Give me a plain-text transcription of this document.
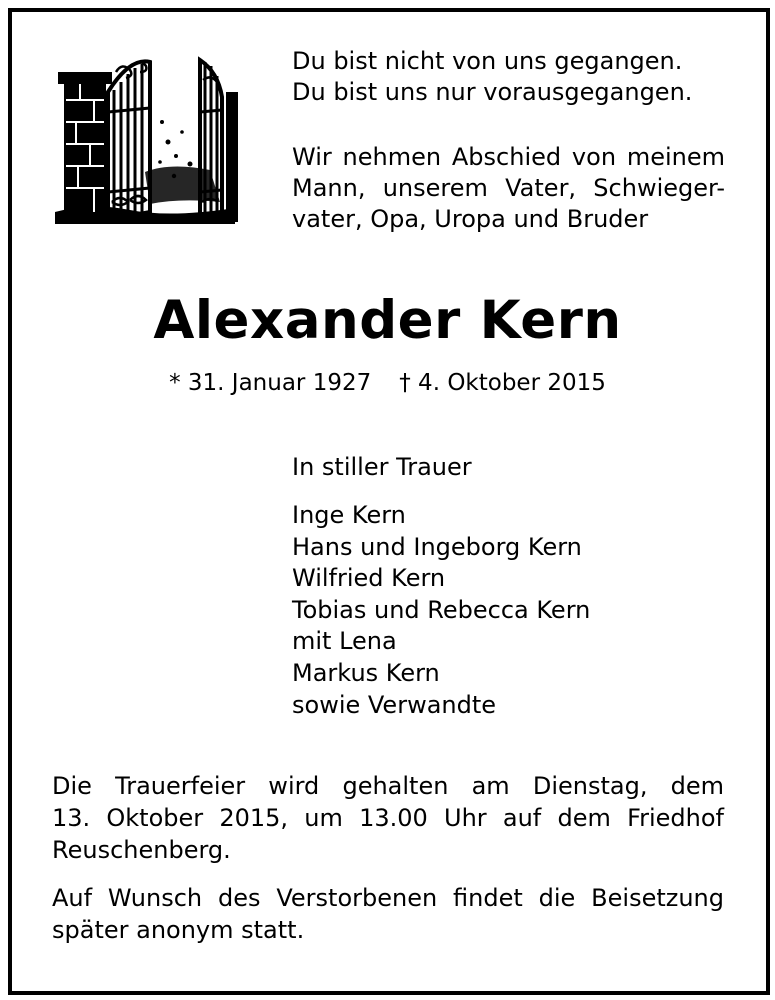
Du bist nicht von uns gegangen.
Du bist uns nur vorausgegangen.
Wir nehmen Abschied von meinem
Mann, unserem Vater, Schwieger-
vater, Opa, Uropa und Bruder
Alexander Kern
* 31. Januar 1927 † 4. Oktober 2015
In stiller Trauer
Inge Kern
Hans und Ingeborg Kern
Wilfried Kern
Tobias und Rebecca Kern
mit Lena
Markus Kern
sowie Verwandte
Die Trauerfeier wird gehalten am Dienstag, dem
13. Oktober 2015, um 13.00 Uhr auf dem Friedhof
Reuschenberg.
Auf Wunsch des Verstorbenen findet die Beisetzung
später anonym statt.
